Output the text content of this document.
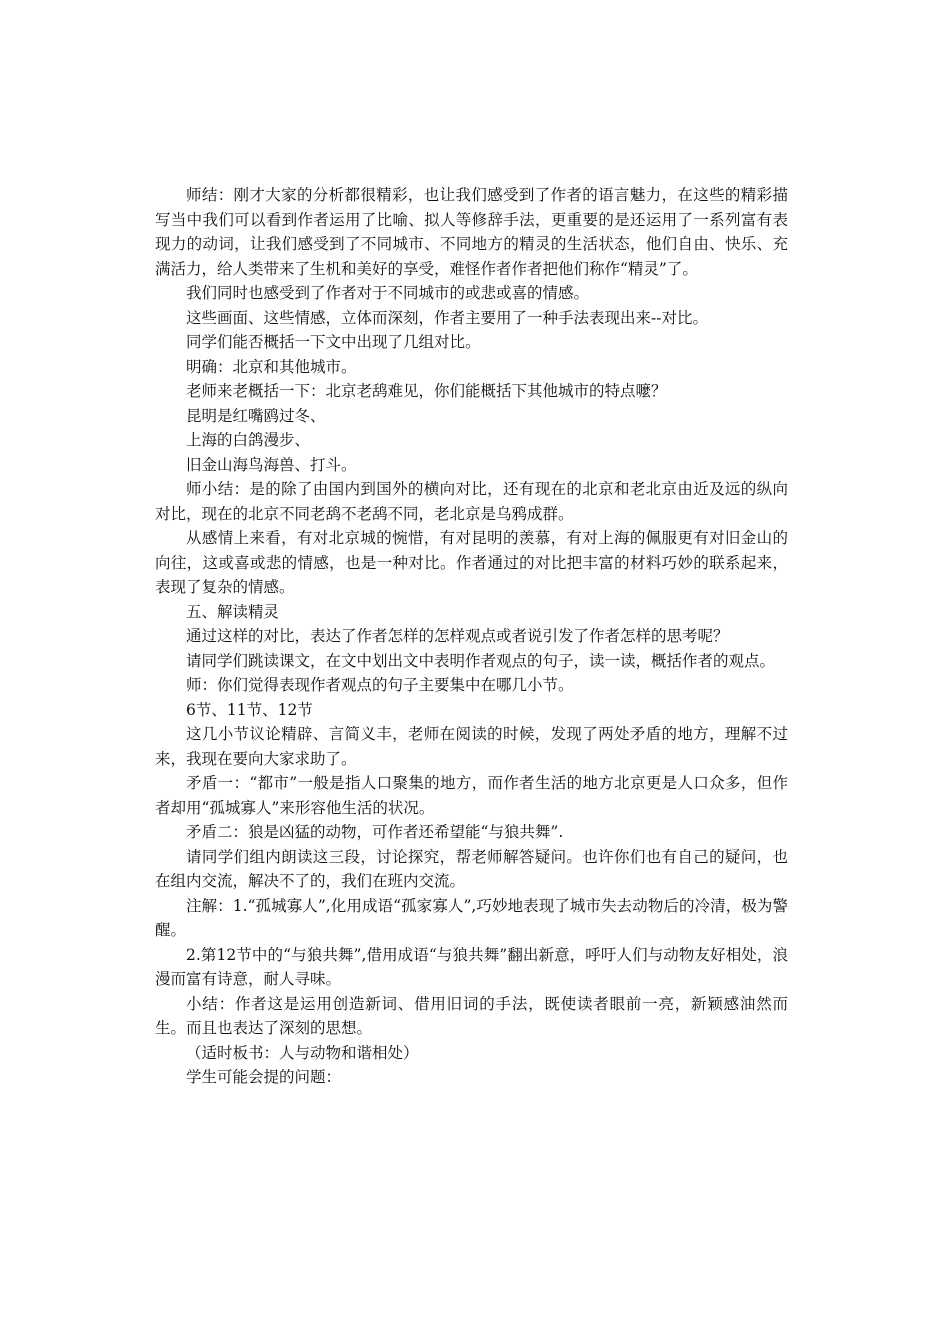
师结：刚才大家的分析都很精彩，也让我们感受到了作者的语言魅力，在这些的精彩描写当中我们可以看到作者运用了比喻、拟人等修辞手法，更重要的是还运用了一系列富有表现力的动词，让我们感受到了不同城市、不同地方的精灵的生活状态，他们自由、快乐、充满活力，给人类带来了生机和美好的享受，难怪作者作者把他们称作“精灵”了。

我们同时也感受到了作者对于不同城市的或悲或喜的情感。

这些画面、这些情感，立体而深刻，作者主要用了一种手法表现出来--对比。

同学们能否概括一下文中出现了几组对比。

明确：北京和其他城市。

老师来老概括一下：北京老鸹难见，你们能概括下其他城市的特点嚒？

昆明是红嘴鸥过冬、

上海的白鸽漫步、

旧金山海鸟海兽、打斗。

师小结：是的除了由国内到国外的横向对比，还有现在的北京和老北京由近及远的纵向对比，现在的北京不同老鸹不老鸹不同，老北京是乌鸦成群。

从感情上来看，有对北京城的惋惜，有对昆明的羡慕，有对上海的佩服更有对旧金山的向往，这或喜或悲的情感，也是一种对比。作者通过的对比把丰富的材料巧妙的联系起来，表现了复杂的情感。

五、解读精灵

通过这样的对比，表达了作者怎样的怎样观点或者说引发了作者怎样的思考呢？

请同学们跳读课文，在文中划出文中表明作者观点的句子，读一读，概括作者的观点。

师：你们觉得表现作者观点的句子主要集中在哪几小节。

6节、11节、12节

这几小节议论精辟、言简义丰，老师在阅读的时候，发现了两处矛盾的地方，理解不过来，我现在要向大家求助了。

矛盾一：“都市”一般是指人口聚集的地方，而作者生活的地方北京更是人口众多，但作者却用“孤城寡人”来形容他生活的状况。

矛盾二：狼是凶猛的动物，可作者还希望能“与狼共舞”.

请同学们组内朗读这三段，讨论探究，帮老师解答疑问。也许你们也有自己的疑问，也在组内交流，解决不了的，我们在班内交流。

注解：1.“孤城寡人”,化用成语“孤家寡人”,巧妙地表现了城市失去动物后的冷清，极为警醒。

2.第12节中的“与狼共舞”,借用成语“与狼共舞”翻出新意，呼吁人们与动物友好相处，浪漫而富有诗意，耐人寻味。

小结：作者这是运用创造新词、借用旧词的手法，既使读者眼前一亮，新颖感油然而生。而且也表达了深刻的思想。

（适时板书：人与动物和谐相处）

学生可能会提的问题：
